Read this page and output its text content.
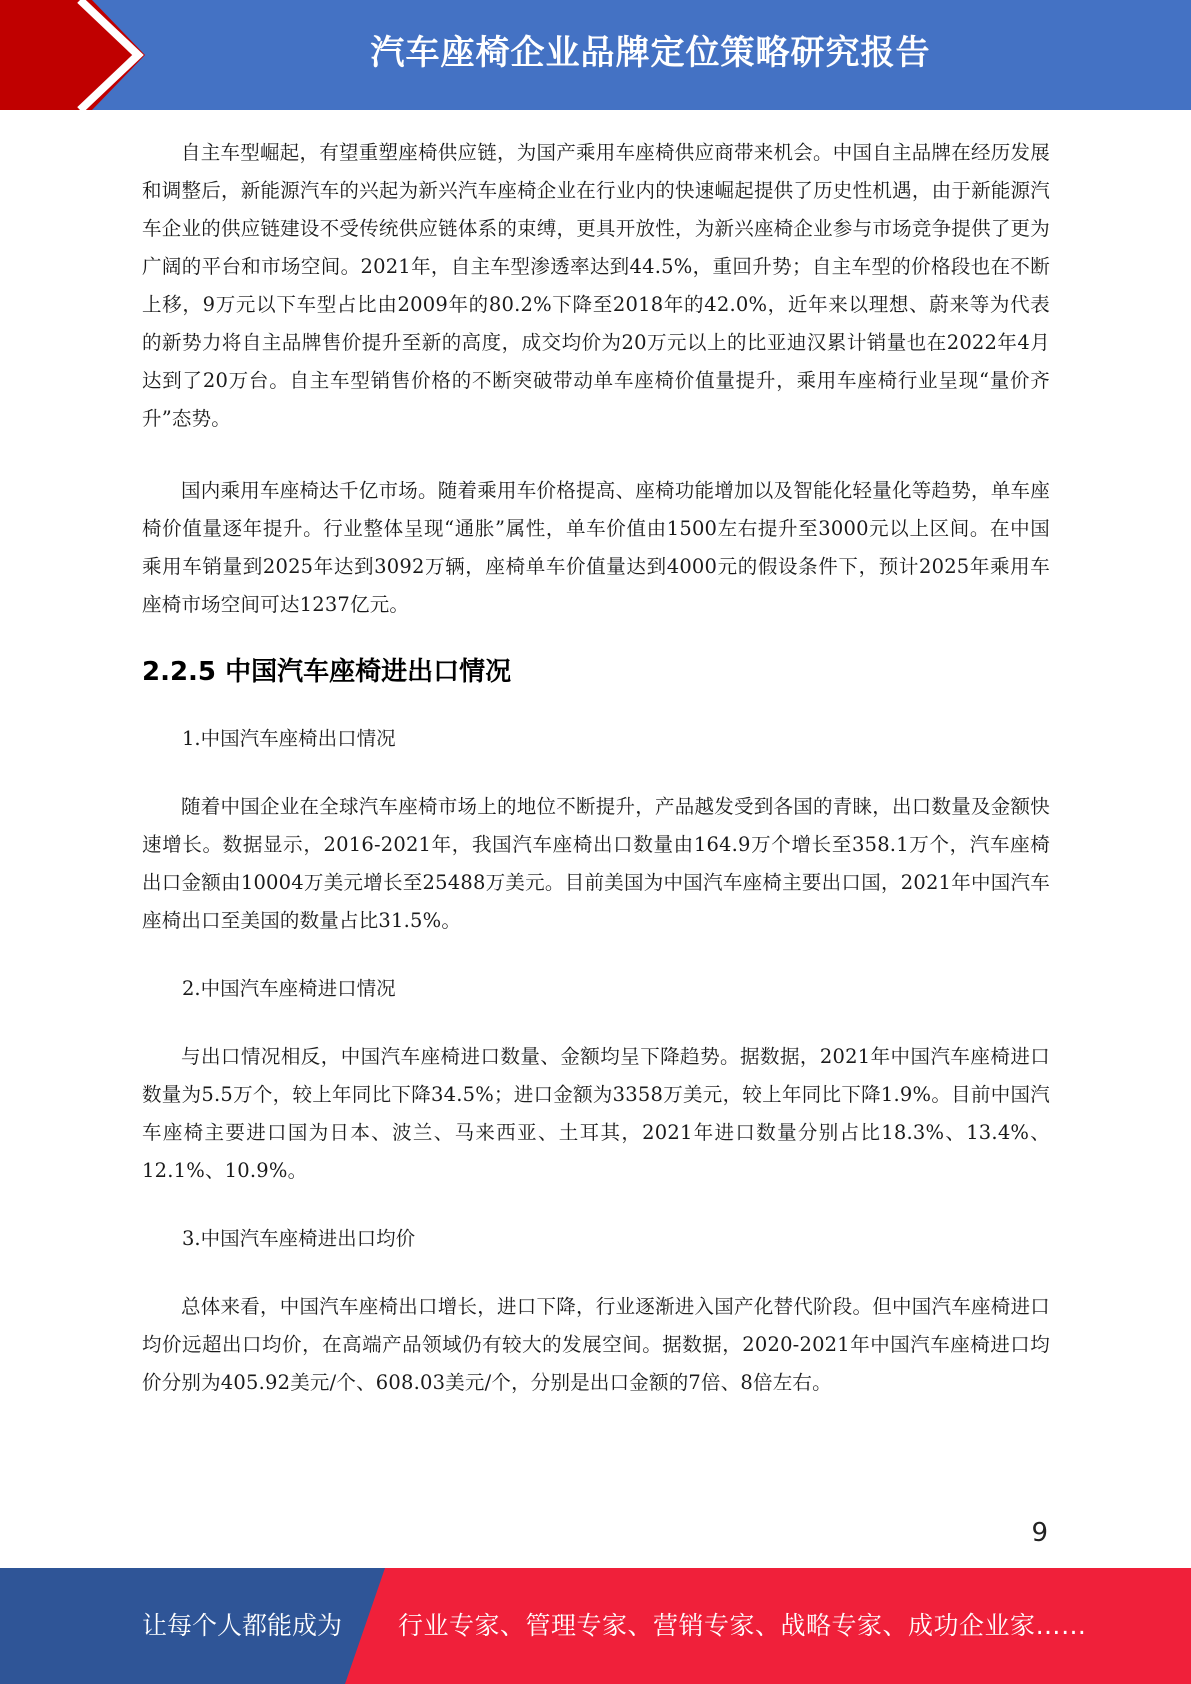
汽车座椅企业品牌定位策略研究报告

自主车型崛起，有望重塑座椅供应链，为国产乘用车座椅供应商带来机会。中国自主品牌在经历发展和调整后，新能源汽车的兴起为新兴汽车座椅企业在行业内的快速崛起提供了历史性机遇，由于新能源汽车企业的供应链建设不受传统供应链体系的束缚，更具开放性，为新兴座椅企业参与市场竞争提供了更为广阔的平台和市场空间。2021年，自主车型渗透率达到44.5%，重回升势；自主车型的价格段也在不断上移，9万元以下车型占比由2009年的80.2%下降至2018年的42.0%，近年来以理想、蔚来等为代表的新势力将自主品牌售价提升至新的高度，成交均价为20万元以上的比亚迪汉累计销量也在2022年4月达到了20万台。自主车型销售价格的不断突破带动单车座椅价值量提升，乘用车座椅行业呈现“量价齐升”态势。

国内乘用车座椅达千亿市场。随着乘用车价格提高、座椅功能增加以及智能化轻量化等趋势，单车座椅价值量逐年提升。行业整体呈现“通胀”属性，单车价值由1500左右提升至3000元以上区间。在中国乘用车销量到2025年达到3092万辆，座椅单车价值量达到4000元的假设条件下，预计2025年乘用车座椅市场空间可达1237亿元。

2.2.5 中国汽车座椅进出口情况
1.中国汽车座椅出口情况

随着中国企业在全球汽车座椅市场上的地位不断提升，产品越发受到各国的青睐，出口数量及金额快速增长。数据显示，2016-2021年，我国汽车座椅出口数量由164.9万个增长至358.1万个，汽车座椅出口金额由10004万美元增长至25488万美元。目前美国为中国汽车座椅主要出口国，2021年中国汽车座椅出口至美国的数量占比31.5%。

2.中国汽车座椅进口情况

与出口情况相反，中国汽车座椅进口数量、金额均呈下降趋势。据数据，2021年中国汽车座椅进口数量为5.5万个，较上年同比下降34.5%；进口金额为3358万美元，较上年同比下降1.9%。目前中国汽车座椅主要进口国为日本、波兰、马来西亚、土耳其，2021年进口数量分别占比18.3%、13.4%、12.1%、10.9%。

3.中国汽车座椅进出口均价

总体来看，中国汽车座椅出口增长，进口下降，行业逐渐进入国产化替代阶段。但中国汽车座椅进口均价远超出口均价，在高端产品领域仍有较大的发展空间。据数据，2020-2021年中国汽车座椅进口均价分别为405.92美元/个、608.03美元/个，分别是出口金额的7倍、8倍左右。

9
让每个人都能成为 行业专家、管理专家、营销专家、战略专家、成功企业家……
